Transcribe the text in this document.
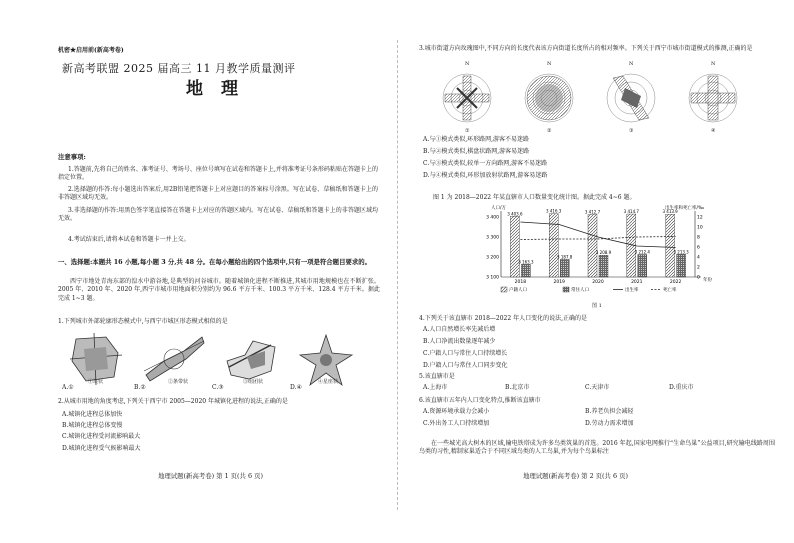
机密★启用前(新高考卷)
新高考联盟 2025 届高三 11 月教学质量测评
地理
注意事项:
1.答题前,先将自己的姓名、准考证号、考场号、座位号填写在试卷和答题卡上,并将准考证号条形码粘贴在答题卡上的指定位置。
2.选择题的作答:每小题选出答案后,用2B铅笔把答题卡上对应题目的答案标号涂黑。写在试卷、草稿纸和答题卡上的非答题区域均无效。
3.非选择题的作答:用黑色签字笔直接答在答题卡上对应的答题区域内。写在试卷、草稿纸和答题卡上的非答题区域均无效。
4.考试结束后,请将本试卷和答题卡一并上交。
一、选择题:本题共 16 小题,每小题 3 分,共 48 分。在每小题给出的四个选项中,只有一项是符合题目要求的。
西宁市地处青海东部的湟水中游谷地,是典型的河谷城市。随着城镇化进程不断推进,其城市用地规模也在不断扩张。2005 年、2010 年、2020 年,西宁市城市用地面积分别约为 96.6 平方千米、100.3 平方千米、128.4 平方千米。据此完成 1~3 题。
1.下列城市外部轮廓形态模式中,与西宁市城区形态模式相似的是
①块状	②条带状	③组团状	④星座状
A.①	B.②	C.③	D.④
2.从城市用地的角度考虑,下列关于西宁市 2005—2020 年城镇化进程的说法,正确的是
A.城镇化进程总体加快
B.城镇化进程总体变慢
C.城镇化进程受河流影响最大
D.城镇化进程受气候影响最大
地理试题(新高考卷) 第 1 页(共 6 页)
3.城市街道方向玫瑰图中,不同方向的长度代表该方向街道长度所占的相对频率。下列关于西宁市城市街道模式的推测,正确的是
N	N	N	N
①	②	③	④
A.与①模式类似,环形路网,游客不易迷路
B.与②模式类似,棋盘状路网,游客易迷路
C.与③模式类似,较单一方向路网,游客不易迷路
D.与④模式类似,环形加放射状路网,游客易迷路
图 1 为 2018—2022 年某直辖市人口数量变化统计图。据此完成 4~6 题。
人口/万	出生率和死亡率/‰
年份
3 100
3 200
3 300
3 400
0
2
4
6
8
10
12
3 403.6
3 163.3
2018
3 416.3
3 187.8
2019
3 412.7
3 208.9
2020
3 414.7
3 212.4
2021
3 413.9
3 213.3
2022
户籍人口	常住人口	出生率	死亡率
图 1
4.下列关于该直辖市 2018—2022 年人口变化的说法,正确的是
A.人口自然增长率先减后增
B.人口净流出数量逐年减少
C.户籍人口与常住人口持续增长
D.户籍人口与常住人口同步变化
5.该直辖市是
A.上海市	B.北京市	C.天津市	D.重庆市
6.该直辖市五年内人口变化特点,推断该直辖市
A.资源环境承载力会减小	B.养老负担会减轻
C.外出务工人口持续增加	D.劳动力需求增加
在一些城光高大树木的区域,输电铁塔成为许多鸟类筑巢的首选。2016 年起,国家电网推行“生命鸟巢”公益项目,研究输电线路周围鸟类的习性,精制家巢适合于不同区域鸟类的人工鸟巢,并为每个鸟巢标注
地理试题(新高考卷) 第 2 页(共 6 页)
